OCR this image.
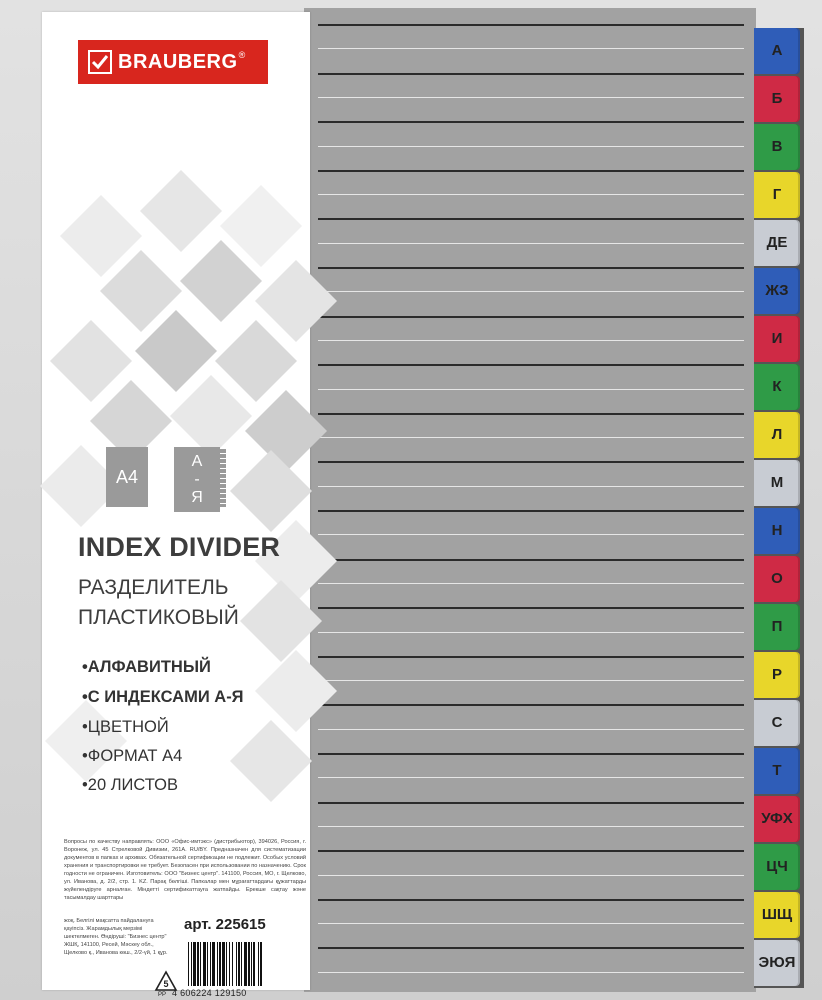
А
Б
В
Г
ДЕ
ЖЗ
И
К
Л
М
Н
О
П
Р
С
Т
УФХ
ЦЧ
ШЩ
ЭЮЯ
BRAUBERG ®
A4
А
-
Я
INDEX DIVIDER
РАЗДЕЛИТЕЛЬ
ПЛАСТИКОВЫЙ
•АЛФАВИТНЫЙ
•С ИНДЕКСАМИ А-Я
•ЦВЕТНОЙ
•ФОРМАТ А4
•20 ЛИСТОВ
Вопросы по качеству направлять: ООО «Офис-имтэкс» (дистрибьютор), 394026, Россия, г. Воронеж, ул. 45 Стрелковой Дивизии, 261А. RU/BY. Предназначен для систематизации документов в папках и архивах. Обязательной сертификации не подлежит. Особых условий хранения и транспортировки не требует. Безопасен при использовании по назначению. Срок годности не ограничен. Изготовитель: ООО "Бизнес центр". 141100, Россия, МО, г. Щелково, ул. Иванова, д. 2/2, стр. 1. KZ. Парақ бөлгіші. Папкалар мен мұрағаттардағы құжаттарды жүйелендіруге арналған. Міндетті сертификаттауға жатпайды. Ерекше сақтау және тасымалдау шарттары
жоқ. Белгілі мақсатта пайдалануға қауіпсіз. Жарамдылық мерзімі шектелмеген. Өндіруші: "Бизнес центр" ЖШҚ, 141100, Ресей, Мәскеу обл., Щелково қ., Иванова көш., 2/2-үй, 1 құр.
арт. 225615
5
PP 4 606224 129150
